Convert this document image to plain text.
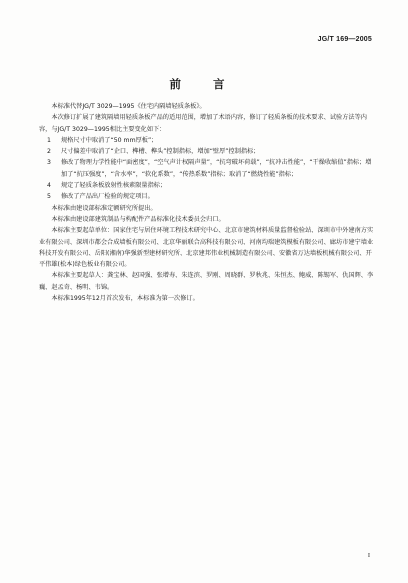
JG/T 169—2005
前 言

本标准代替JG/T 3029—1995《住宅内隔墙轻质条板》。

本次修订扩展了建筑隔墙用轻质条板产品的适用范围，增加了术语内容，修订了轻质条板的技术要求、试验方法等内容，与JG/T 3029—1995相比主要变化如下：

1 规格尺寸中取消了“50 mm厚板”；
2 尺寸偏差中取消了“企口、榫槽、榫头”控制指标，增加“壁厚”控制指标；
3 修改了物理力学性能中“面密度”，“空气声计权隔声量”，“抗弯破坏荷载”，“抗冲击性能”，“干燥收缩值”指标；增加了“抗压强度”，“含水率”，“软化系数”，“传热系数”指标；取消了“燃烧性能”指标；
4 规定了轻质条板放射性核素限量指标；
5 修改了产品出厂检验的规定项目。

本标准由建设部标准定额研究所提出。

本标准由建设部建筑制品与构配件产品标准化技术委员会归口。

本标准主要起草单位：国家住宅与居住环境工程技术研究中心、北京市建筑材料质量监督检验站、深圳市中外建南方实业有限公司、深圳市都会合成墙板有限公司、北京华丽联合高科技有限公司、河南均瑞建筑模板有限公司、廊坊市建宁墙业科技开发有限公司、岳阳(湘南)华强新型建材研究所、北京建邦伟业机械制造有限公司、安徽省万达墙板机械有限公司、开平伟雄(松本)绿色板业有限公司。

本标准主要起草人：龚宝林、赵国强、张增寿、朱连滨、罗刚、周晓群、罗秋兆、朱恒杰、鲍威、陈锡军、仇国辉、李巍、赵孟奇、杨明、韦锦。

本标准1995年12月首次发布，本标准为第一次修订。

I
